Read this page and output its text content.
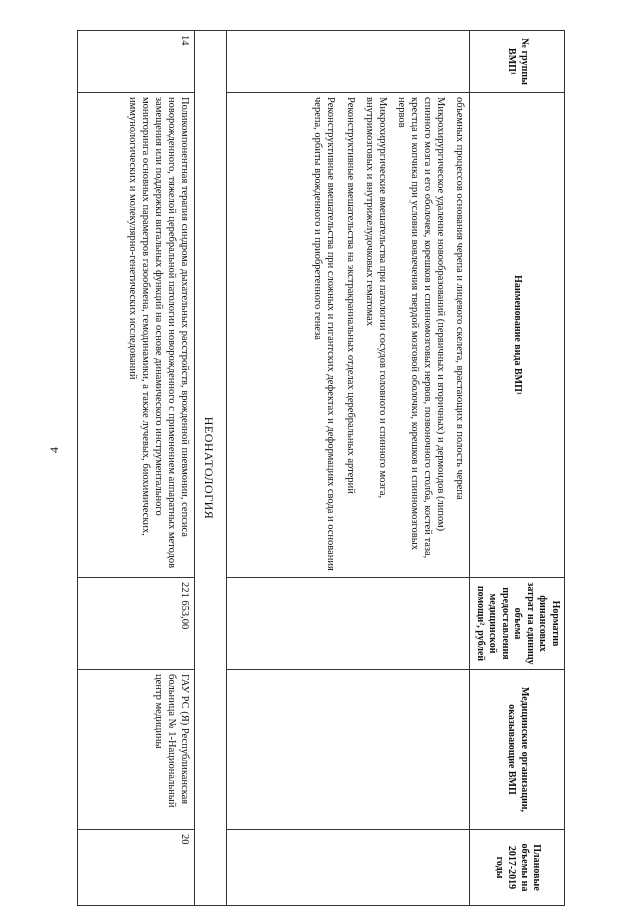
4
№ группы ВМП¹	Наименование вида ВМП¹	Норматив финансовых затрат на единицу объема предоставления медицинской помощи², рублей	Медицинские организации, оказывающие ВМП	Плановые объемы на 2017-2019 годы

	объемных процессов основания черепа и лицевого скелета, врастающих в полость черепа

Микрохирургическое удаление новообразований (первичных и вторичных) и дермоидов (липом) спинного мозга и его оболочек, корешков и спинномозговых нервов, позвоночного столба, костей таза, крестца и копчика при условии вовлечения твердой мозговой оболочки, корешков и спинномозговых нервов

Микрохирургические вмешательства при патологии сосудов головного и спинного мозга, внутримозговых и внутрижелудочковых гематомах

Реконструктивные вмешательства на экстракраниальных отделах церебральных артерий

Реконструктивные вмешательства при сложных и гигантских дефектах и деформациях свода и основания черепа, орбиты врожденного и приобретенного генеза			

НЕОНАТОЛОГИЯ				
14	Поликомпонентная терапия синдрома дыхательных расстройств, врожденной пневмонии, сепсиса новорожденного, тяжелой церебральной патологии новорожденного с применением аппаратных методов замещения или поддержки витальных функций на основе динамического инструментального мониторинга основных параметров газообмена, гемодинамики, а также лучевых, биохимических, иммунологических и молекулярно-генетических исследований	221 653,00	ГАУ РС (Я) Республиканская больница № 1-Национальный центр медицины	20
